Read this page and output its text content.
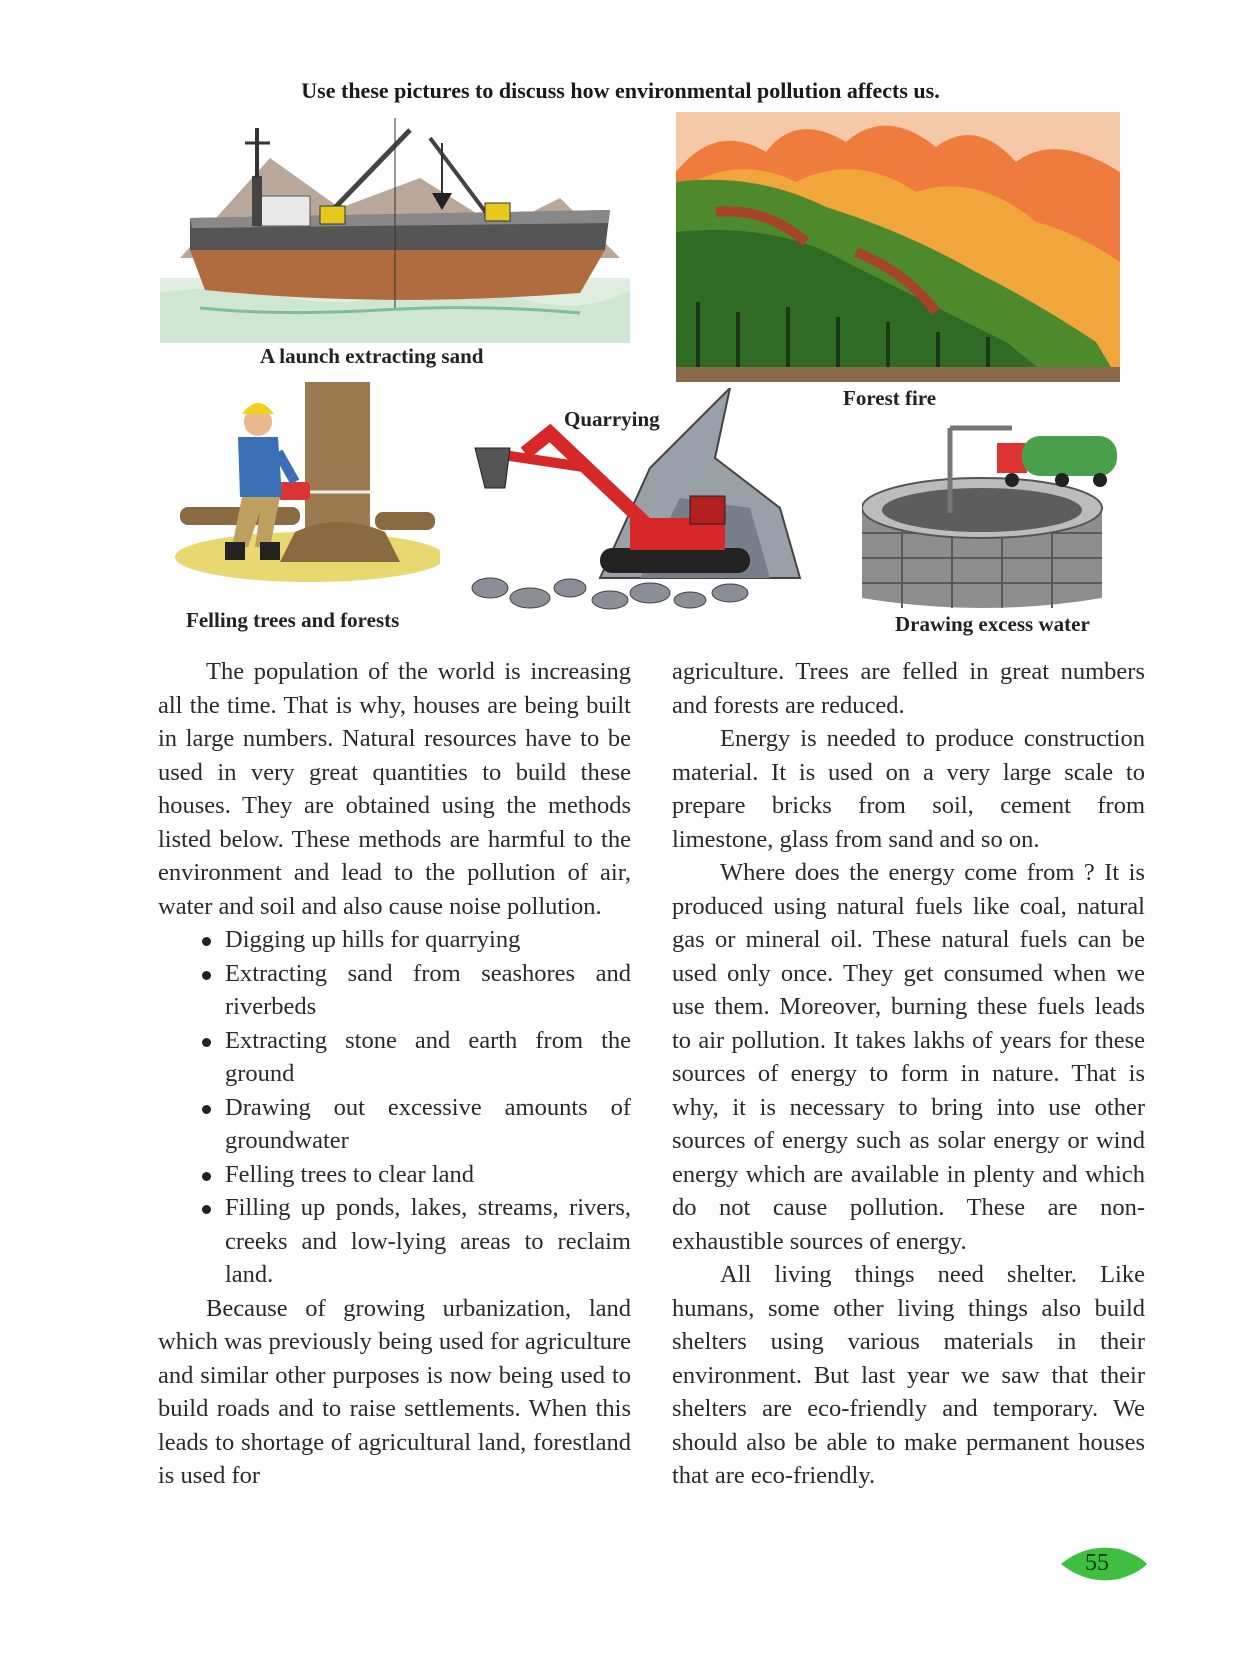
Use these pictures to discuss how environmental pollution affects us.
A launch extracting sand
Forest fire
Felling trees and forests
Quarrying
Drawing excess water

The population of the world is increasing all the time. That is why, houses are being built in large numbers. Natural resources have to be used in very great quantities to build these houses. They are obtained using the methods listed below. These methods are harmful to the environment and lead to the pollution of air, water and soil and also cause noise pollution.

Digging up hills for quarrying
Extracting sand from seashores and riverbeds
Extracting stone and earth from the ground
Drawing out excessive amounts of groundwater
Felling trees to clear land
Filling up ponds, lakes, streams, rivers, creeks and low-lying areas to reclaim land.

Because of growing urbanization, land which was previously being used for agriculture and similar other purposes is now being used to build roads and to raise settlements. When this leads to shortage of agricultural land, forestland is used for

agriculture. Trees are felled in great numbers and forests are reduced.

Energy is needed to produce construction material. It is used on a very large scale to prepare bricks from soil, cement from limestone, glass from sand and so on.

Where does the energy come from ? It is produced using natural fuels like coal, natural gas or mineral oil. These natural fuels can be used only once. They get consumed when we use them. Moreover, burning these fuels leads to air pollution. It takes lakhs of years for these sources of energy to form in nature. That is why, it is necessary to bring into use other sources of energy such as solar energy or wind energy which are available in plenty and which do not cause pollution. These are non-exhaustible sources of energy.

All living things need shelter. Like humans, some other living things also build shelters using various materials in their environment. But last year we saw that their shelters are eco-friendly and temporary. We should also be able to make permanent houses that are eco-friendly.

55
